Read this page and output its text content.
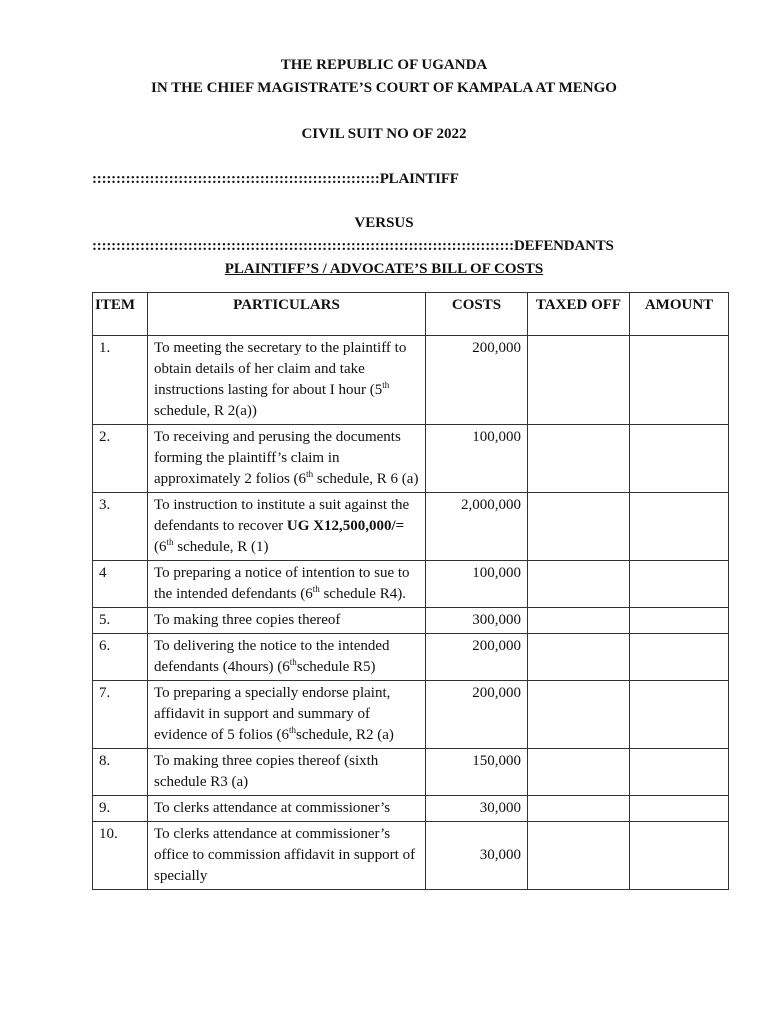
THE REPUBLIC OF UGANDA
IN THE CHIEF MAGISTRATE’S COURT OF KAMPALA AT MENGO
CIVIL SUIT NO OF 2022
::::::::::::::::::::::::::::::::::::::::::::::::::::::::::::PLAINTIFF
VERSUS
::::::::::::::::::::::::::::::::::::::::::::::::::::::::::::::::::::::::::::::::::::::::DEFENDANTS
PLAINTIFF’S / ADVOCATE’S BILL OF COSTS
ITEM	PARTICULARS	COSTS	TAXED OFF	AMOUNT
1.	To meeting the secretary to the plaintiff to obtain details of her claim and take instructions lasting for about I hour (5th schedule, R 2(a))	200,000		
2.	To receiving and perusing the documents forming the plaintiff’s claim in approximately 2 folios (6th schedule, R 6 (a)	100,000		
3.	To instruction to institute a suit against the defendants to recover UG X12,500,000/= (6th schedule, R (1)	2,000,000		
4	To preparing a notice of intention to sue to the intended defendants (6th schedule R4).	100,000		
5.	To making three copies thereof	300,000		
6.	To delivering the notice to the intended defendants (4hours) (6thschedule R5)	200,000		
7.	To preparing a specially endorse plaint, affidavit in support and summary of evidence of 5 folios (6thschedule, R2 (a)	200,000		
8.	To making three copies thereof (sixth schedule R3 (a)	150,000		
9.	To clerks attendance at commissioner’s	30,000		
10.	To clerks attendance at commissioner’s office to commission affidavit in support of specially	30,000		
